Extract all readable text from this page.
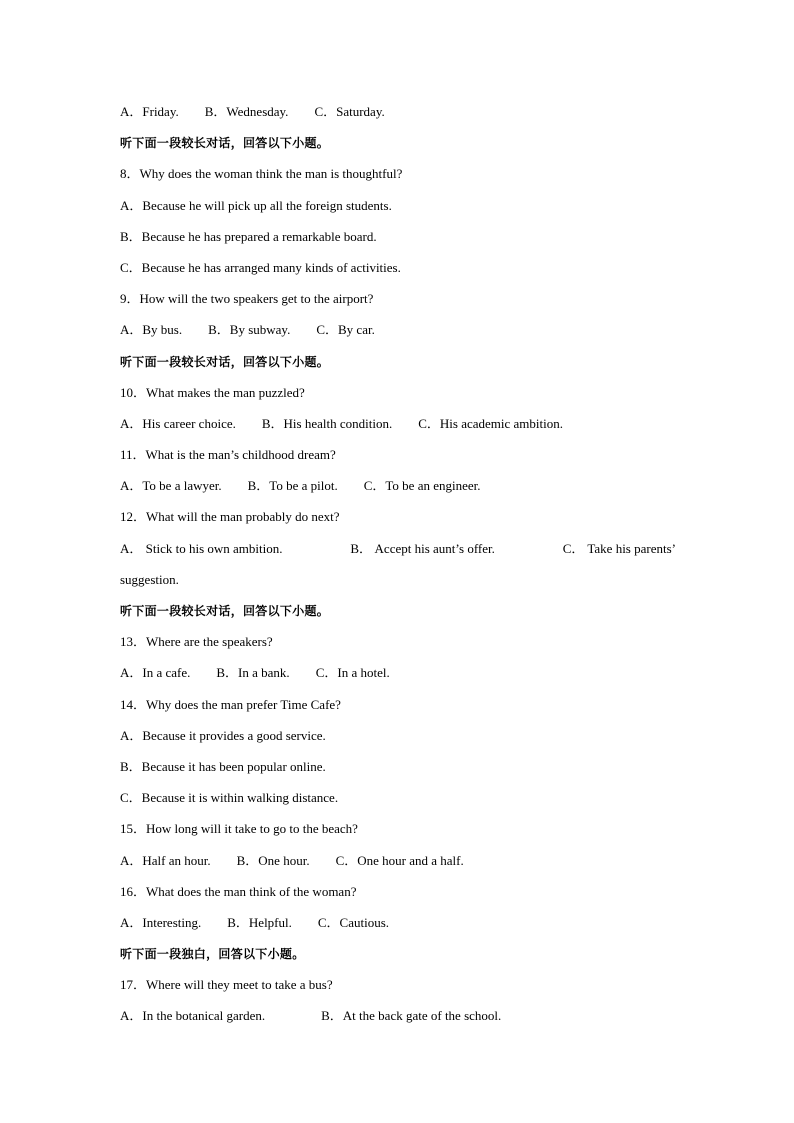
A．Friday. B．Wednesday. C．Saturday.
听下面一段较长对话，回答以下小题。
8．Why does the woman think the man is thoughtful?
A．Because he will pick up all the foreign students.
B．Because he has prepared a remarkable board.
C．Because he has arranged many kinds of activities.
9．How will the two speakers get to the airport?
A．By bus. B．By subway. C．By car.
听下面一段较长对话，回答以下小题。
10．What makes the man puzzled?
A．His career choice. B．His health condition. C．His academic ambition.
11．What is the man’s childhood dream?
A．To be a lawyer. B．To be a pilot. C．To be an engineer.
12．What will the man probably do next?
A． Stick to his own ambition.	B． Accept his aunt’s offer.	C． Take his parents’
suggestion.
听下面一段较长对话，回答以下小题。
13．Where are the speakers?
A．In a cafe. B．In a bank. C．In a hotel.
14．Why does the man prefer Time Cafe?
A．Because it provides a good service.
B．Because it has been popular online.
C．Because it is within walking distance.
15．How long will it take to go to the beach?
A．Half an hour. B．One hour. C．One hour and a half.
16．What does the man think of the woman?
A．Interesting. B．Helpful. C．Cautious.
听下面一段独白，回答以下小题。
17．Where will they meet to take a bus?
A．In the botanical garden.	B．At the back gate of the school.
